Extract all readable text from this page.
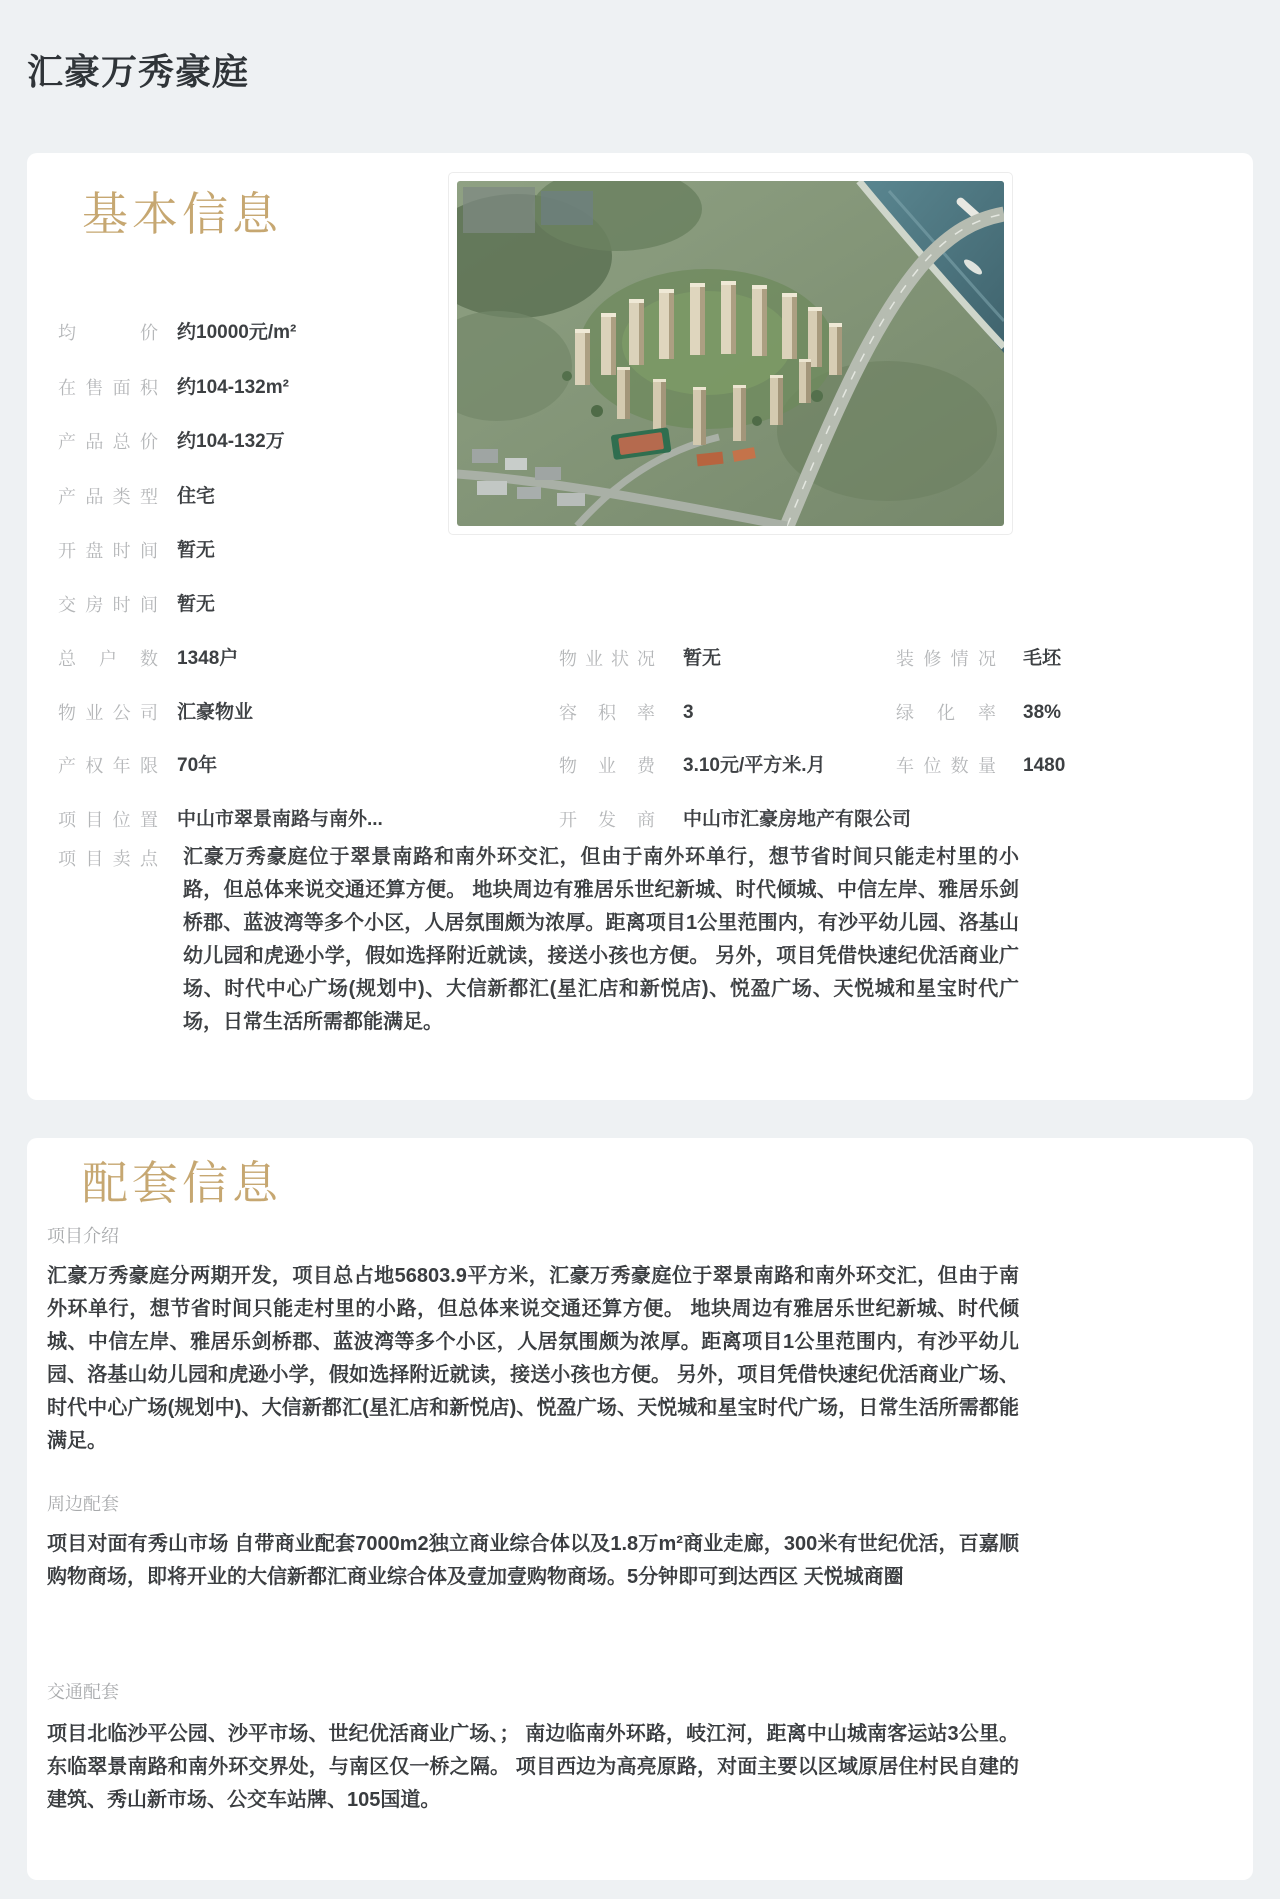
汇豪万秀豪庭
基本信息
均价 约10000元/m²
在售面积 约104-132m²
产品总价 约104-132万
产品类型 住宅
开盘时间 暂无
交房时间 暂无
总户数 1348户	物业状况 暂无	装修情况 毛坯
物业公司 汇豪物业	容积率 3	绿化率 38%
产权年限 70年	物业费 3.10元/平方米.月	车位数量 1480
项目位置 中山市翠景南路与南外...	开发商 中山市汇豪房地产有限公司
项目卖点 汇豪万秀豪庭位于翠景南路和南外环交汇，但由于南外环单行，想节省时间只能走村里的小路，但总体来说交通还算方便。 地块周边有雅居乐世纪新城、时代倾城、中信左岸、雅居乐剑桥郡、蓝波湾等多个小区，人居氛围颇为浓厚。距离项目1公里范围内，有沙平幼儿园、洛基山幼儿园和虎逊小学，假如选择附近就读，接送小孩也方便。 另外，项目凭借快速纪优活商业广场、时代中心广场(规划中)、大信新都汇(星汇店和新悦店)、悦盈广场、天悦城和星宝时代广场，日常生活所需都能满足。
配套信息
项目介绍
汇豪万秀豪庭分两期开发，项目总占地56803.9平方米，汇豪万秀豪庭位于翠景南路和南外环交汇，但由于南外环单行，想节省时间只能走村里的小路，但总体来说交通还算方便。 地块周边有雅居乐世纪新城、时代倾城、中信左岸、雅居乐剑桥郡、蓝波湾等多个小区，人居氛围颇为浓厚。距离项目1公里范围内，有沙平幼儿园、洛基山幼儿园和虎逊小学，假如选择附近就读，接送小孩也方便。 另外，项目凭借快速纪优活商业广场、时代中心广场(规划中)、大信新都汇(星汇店和新悦店)、悦盈广场、天悦城和星宝时代广场，日常生活所需都能满足。
周边配套
项目对面有秀山市场 自带商业配套7000m2独立商业综合体以及1.8万m²商业走廊，300米有世纪优活，百嘉顺购物商场，即将开业的大信新都汇商业综合体及壹加壹购物商场。5分钟即可到达西区 天悦城商圈
交通配套
项目北临沙平公园、沙平市场、世纪优活商业广场、； 南边临南外环路，岐江河，距离中山城南客运站3公里。 东临翠景南路和南外环交界处，与南区仅一桥之隔。 项目西边为高亮原路，对面主要以区域原居住村民自建的建筑、秀山新市场、公交车站牌、105国道。
